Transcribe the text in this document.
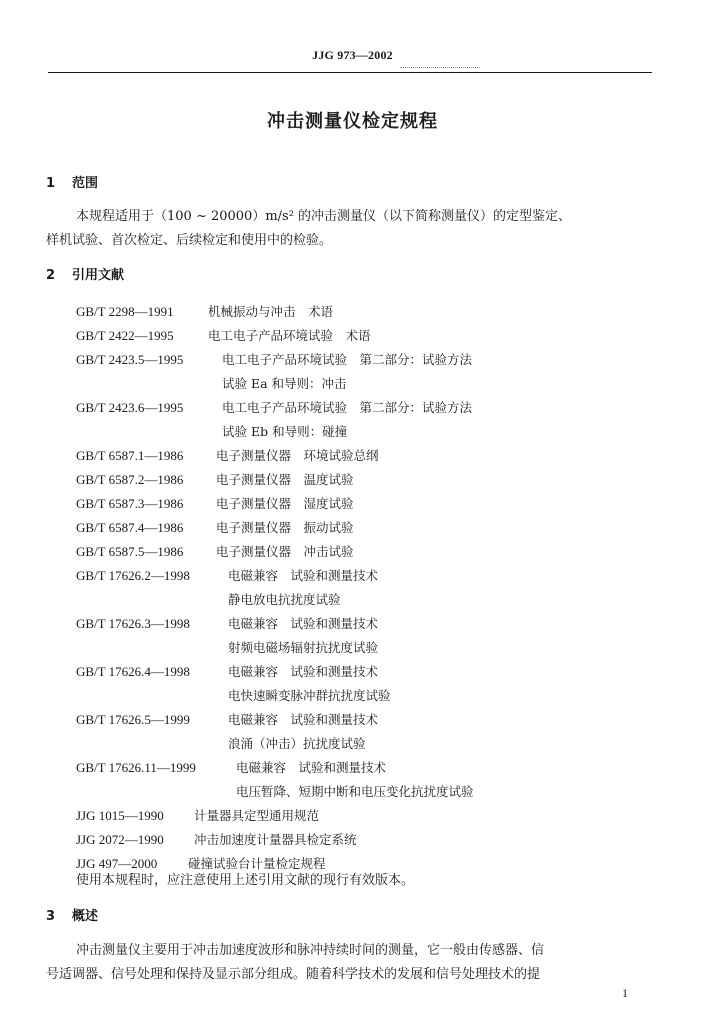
JJG 973—2002
冲击测量仪检定规程
1 范围
本规程适用于（100 ~ 20000）m/s² 的冲击测量仪（以下简称测量仪）的定型鉴定、
样机试验、首次检定、后续检定和使用中的检验。
2 引用文献
GB/T 2298—1991	机械振动与冲击　术语
GB/T 2422—1995	电工电子产品环境试验　术语
GB/T 2423.5—1995	电工电子产品环境试验　第二部分：试验方法
试验 Ea 和导则：冲击
GB/T 2423.6—1995	电工电子产品环境试验　第二部分：试验方法
试验 Eb 和导则：碰撞
GB/T 6587.1—1986	电子测量仪器　环境试验总纲
GB/T 6587.2—1986	电子测量仪器　温度试验
GB/T 6587.3—1986	电子测量仪器　湿度试验
GB/T 6587.4—1986	电子测量仪器　振动试验
GB/T 6587.5—1986	电子测量仪器　冲击试验
GB/T 17626.2—1998	电磁兼容　试验和测量技术
静电放电抗扰度试验
GB/T 17626.3—1998	电磁兼容　试验和测量技术
射频电磁场辐射抗扰度试验
GB/T 17626.4—1998	电磁兼容　试验和测量技术
电快速瞬变脉冲群抗扰度试验
GB/T 17626.5—1999	电磁兼容　试验和测量技术
浪涌（冲击）抗扰度试验
GB/T 17626.11—1999	电磁兼容　试验和测量技术
电压暂降、短期中断和电压变化抗扰度试验
JJG 1015—1990 计量器具定型通用规范
JJG 2072—1990 冲击加速度计量器具检定系统
JJG 497—2000 碰撞试验台计量检定规程
使用本规程时，应注意使用上述引用文献的现行有效版本。
3 概述
冲击测量仪主要用于冲击加速度波形和脉冲持续时间的测量，它一般由传感器、信
号适调器、信号处理和保持及显示部分组成。随着科学技术的发展和信号处理技术的提
1
